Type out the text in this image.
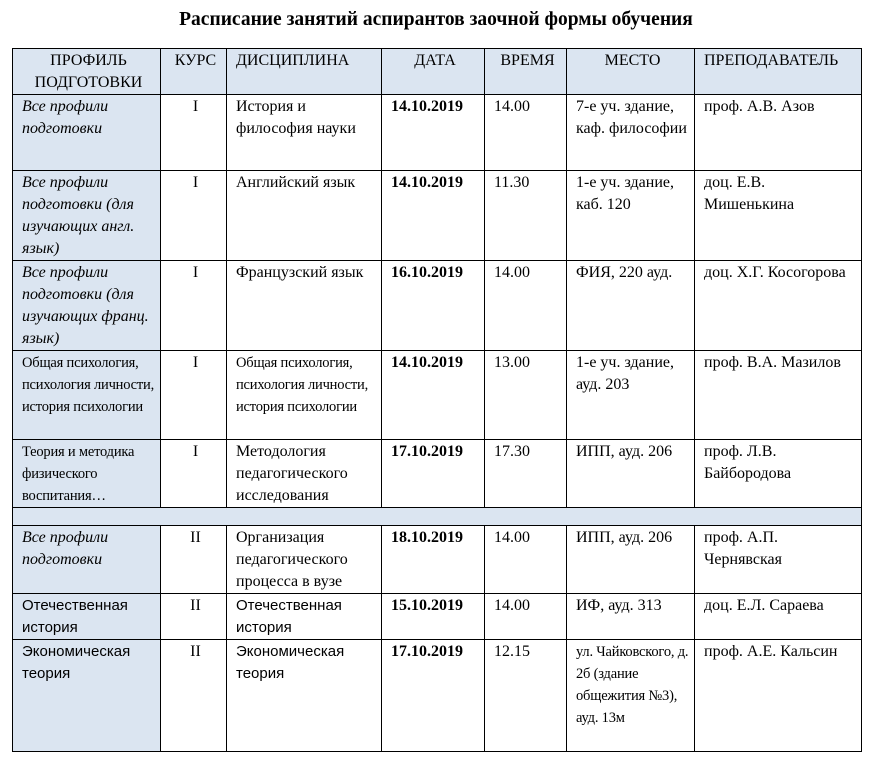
Расписание занятий аспирантов заочной формы обучения
ПРОФИЛЬ ПОДГОТОВКИ	КУРС	ДИСЦИПЛИНА	ДАТА	ВРЕМЯ	МЕСТО	ПРЕПОДАВАТЕЛЬ
Все профили подготовки	I	История и философия науки	14.10.2019	14.00	7-е уч. здание, каф. философии	проф. А.В. Азов
Все профили подготовки (для изучающих англ. язык)	I	Английский язык	14.10.2019	11.30	1-е уч. здание, каб. 120	доц. Е.В. Мишенькина
Все профили подготовки (для изучающих франц. язык)	I	Французский язык	16.10.2019	14.00	ФИЯ, 220 ауд.	доц. Х.Г. Косогорова
Общая психология, психология личности, история психологии	I	Общая психология, психология личности, история психологии	14.10.2019	13.00	1-е уч. здание, ауд. 203	проф. В.А. Мазилов
Теория и методика физического воспитания…	I	Методология педагогического исследования	17.10.2019	17.30	ИПП, ауд. 206	проф. Л.В. Байбородова

Все профили подготовки	II	Организация педагогического процесса в вузе	18.10.2019	14.00	ИПП, ауд. 206	проф. А.П. Чернявская
Отечественная история	II	Отечественная история	15.10.2019	14.00	ИФ, ауд. 313	доц. Е.Л. Сараева
Экономическая теория	II	Экономическая теория	17.10.2019	12.15	ул. Чайковского, д. 2б (здание общежития №3), ауд. 13м	проф. А.Е. Кальсин
